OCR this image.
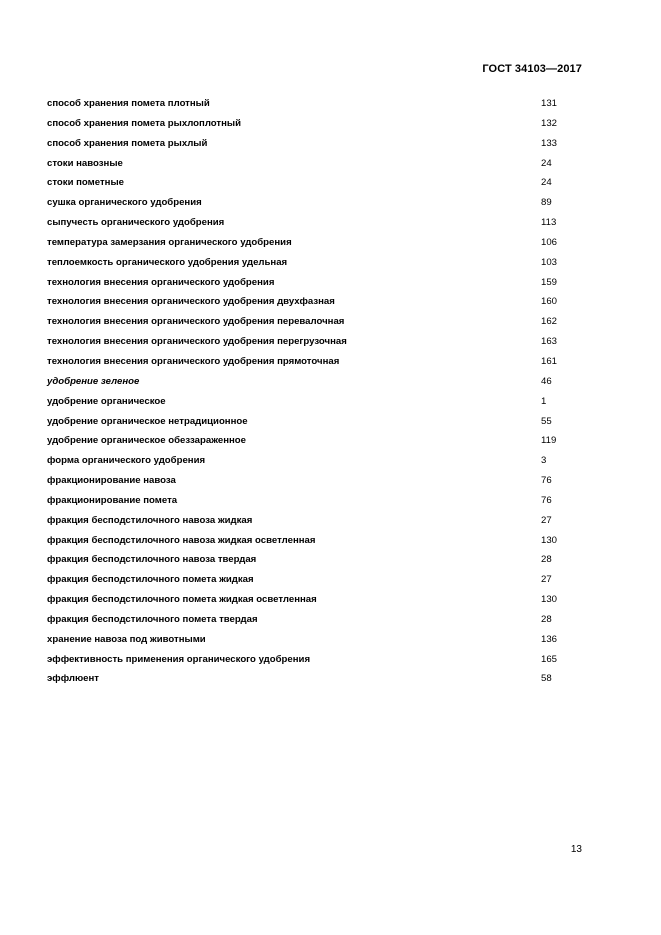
ГОСТ 34103—2017
способ хранения помета плотный	131
способ хранения помета рыхлоплотный	132
способ хранения помета рыхлый	133
стоки навозные	24
стоки пометные	24
сушка органического удобрения	89
сыпучесть органического удобрения	113
температура замерзания органического удобрения	106
теплоемкость органического удобрения удельная	103
технология внесения органического удобрения	159
технология внесения органического удобрения двухфазная	160
технология внесения органического удобрения перевалочная	162
технология внесения органического удобрения перегрузочная	163
технология внесения органического удобрения прямоточная	161
удобрение зеленое	46
удобрение органическое	1
удобрение органическое нетрадиционное	55
удобрение органическое обеззараженное	119
форма органического удобрения	3
фракционирование навоза	76
фракционирование помета	76
фракция бесподстилочного навоза жидкая	27
фракция бесподстилочного навоза жидкая осветленная	130
фракция бесподстилочного навоза твердая	28
фракция бесподстилочного помета жидкая	27
фракция бесподстилочного помета жидкая осветленная	130
фракция бесподстилочного помета твердая	28
хранение навоза под животными	136
эффективность применения органического удобрения	165
эффлюент	58
13
